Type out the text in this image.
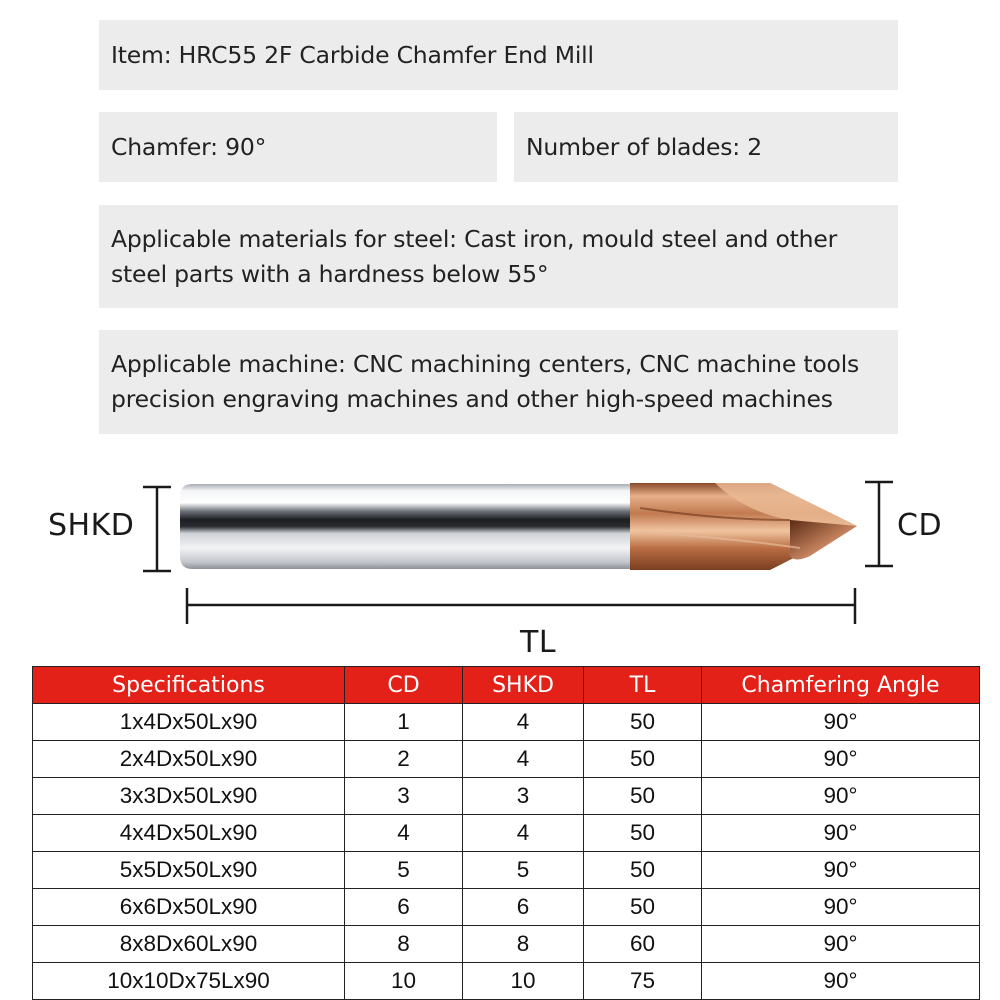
Item: HRC55 2F Carbide Chamfer End Mill
Chamfer: 90°	Number of blades: 2
Applicable materials for steel: Cast iron, mould steel and other steel parts with a hardness below 55°
Applicable machine: CNC machining centers, CNC machine tools precision engraving machines and other high-speed machines
SHKD	CD
TL
Specifications	CD	SHKD	TL	Chamfering Angle
1x4Dx50Lx90	1	4	50	90°
2x4Dx50Lx90	2	4	50	90°
3x3Dx50Lx90	3	3	50	90°
4x4Dx50Lx90	4	4	50	90°
5x5Dx50Lx90	5	5	50	90°
6x6Dx50Lx90	6	6	50	90°
8x8Dx60Lx90	8	8	60	90°
10x10Dx75Lx90	10	10	75	90°
